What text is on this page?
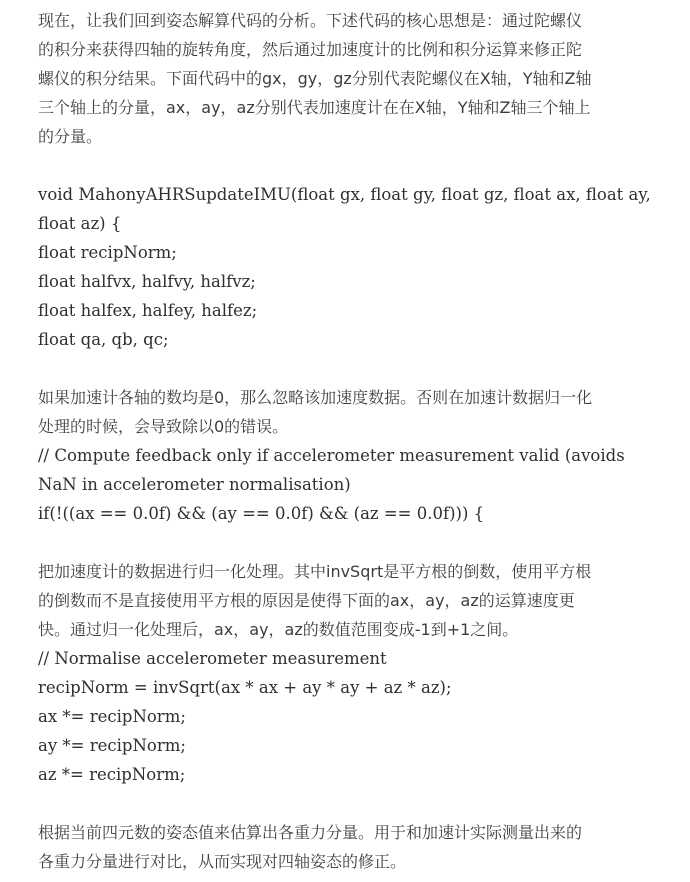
现在，让我们回到姿态解算代码的分析。下述代码的核心思想是：通过陀螺仪

的积分来获得四轴的旋转角度，然后通过加速度计的比例和积分运算来修正陀

螺仪的积分结果。下面代码中的gx，gy，gz分别代表陀螺仪在X轴，Y轴和Z轴

三个轴上的分量，ax，ay，az分别代表加速度计在在X轴，Y轴和Z轴三个轴上

的分量。

void MahonyAHRSupdateIMU(float gx, float gy, float gz, float ax, float ay,

float az) {

float recipNorm;

float halfvx, halfvy, halfvz;

float halfex, halfey, halfez;

float qa, qb, qc;

如果加速计各轴的数均是0，那么忽略该加速度数据。否则在加速计数据归一化

处理的时候，会导致除以0的错误。

// Compute feedback only if accelerometer measurement valid (avoids

NaN in accelerometer normalisation)

if(!((ax == 0.0f) && (ay == 0.0f) && (az == 0.0f))) {

把加速度计的数据进行归一化处理。其中invSqrt是平方根的倒数，使用平方根

的倒数而不是直接使用平方根的原因是使得下面的ax，ay，az的运算速度更

快。通过归一化处理后，ax，ay，az的数值范围变成-1到+1之间。

// Normalise accelerometer measurement

recipNorm = invSqrt(ax * ax + ay * ay + az * az);

ax *= recipNorm;

ay *= recipNorm;

az *= recipNorm;

根据当前四元数的姿态值来估算出各重力分量。用于和加速计实际测量出来的

各重力分量进行对比，从而实现对四轴姿态的修正。
